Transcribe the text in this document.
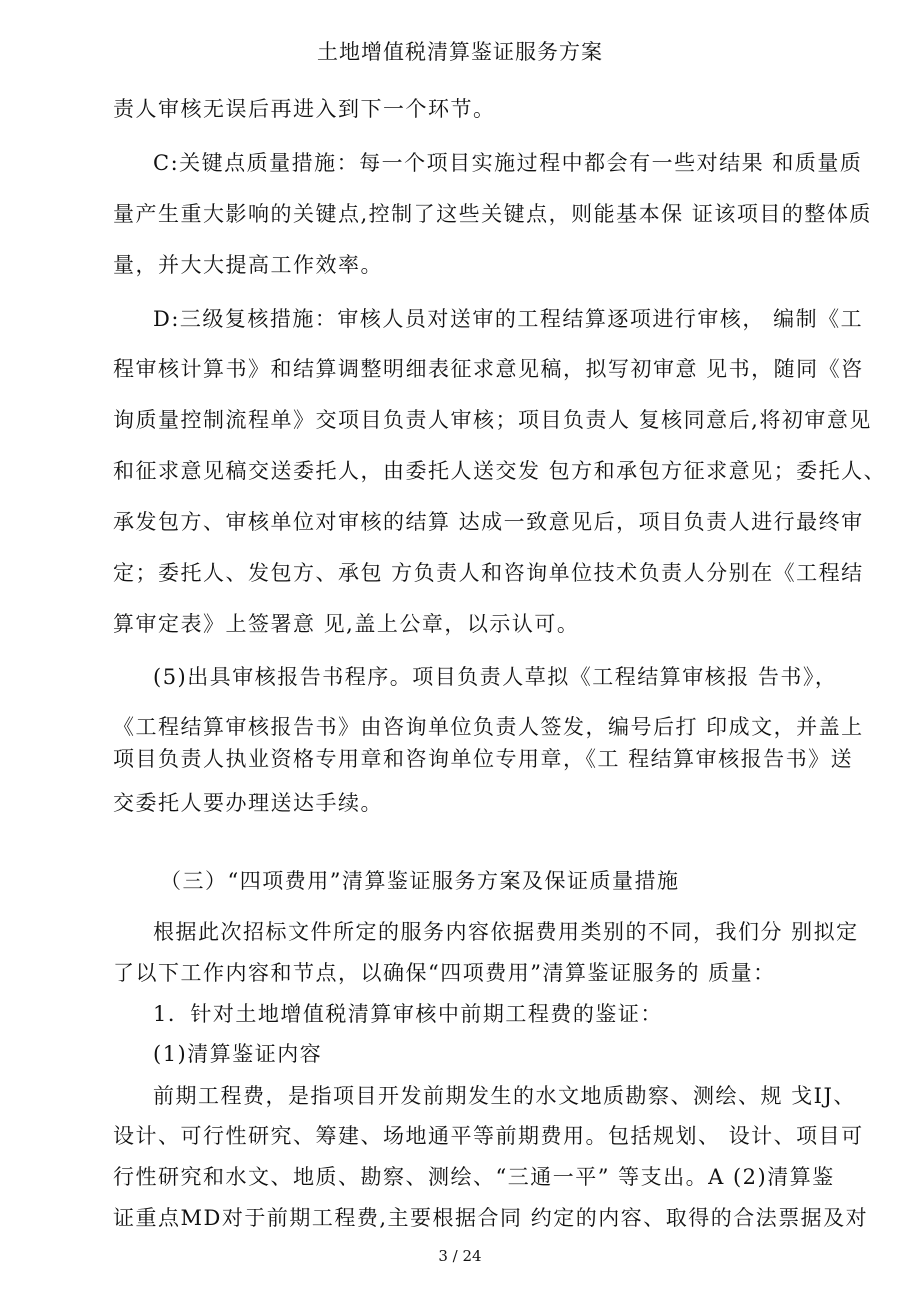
土地增值税清算鉴证服务方案
责人审核无误后再进入到下一个环节。
C:关键点质量措施：每一个项目实施过程中都会有一些对结果 和质量质
量产生重大影响的关键点,控制了这些关键点，则能基本保 证该项目的整体质
量，并大大提高工作效率。
D:三级复核措施：审核人员对送审的工程结算逐项进行审核， 编制《工
程审核计算书》和结算调整明细表征求意见稿，拟写初审意 见书，随同《咨
询质量控制流程单》交项目负责人审核；项目负责人 复核同意后,将初审意见
和征求意见稿交送委托人，由委托人送交发 包方和承包方征求意见；委托人、
承发包方、审核单位对审核的结算 达成一致意见后，项目负责人进行最终审
定；委托人、发包方、承包 方负责人和咨询单位技术负责人分别在《工程结
算审定表》上签署意 见,盖上公章，以示认可。
(5)出具审核报告书程序。项目负责人草拟《工程结算审核报 告书》，
《工程结算审核报告书》由咨询单位负责人签发，编号后打 印成文，并盖上
项目负责人执业资格专用章和咨询单位专用章，《工 程结算审核报告书》送
交委托人要办理送达手续。
（三）“四项费用”清算鉴证服务方案及保证质量措施
根据此次招标文件所定的服务内容依据费用类别的不同，我们分 别拟定
了以下工作内容和节点，以确保“四项费用”清算鉴证服务的 质量：
1．针对土地增值税清算审核中前期工程费的鉴证：
(1)清算鉴证内容
前期工程费，是指项目开发前期发生的水文地质勘察、测绘、规 戈IJ、
设计、可行性研究、筹建、场地通平等前期费用。包括规划、 设计、项目可
行性研究和水文、地质、勘察、测绘、“三通一平” 等支出。A (2)清算鉴
证重点MD对于前期工程费,主要根据合同 约定的内容、取得的合法票据及对
3 / 24
